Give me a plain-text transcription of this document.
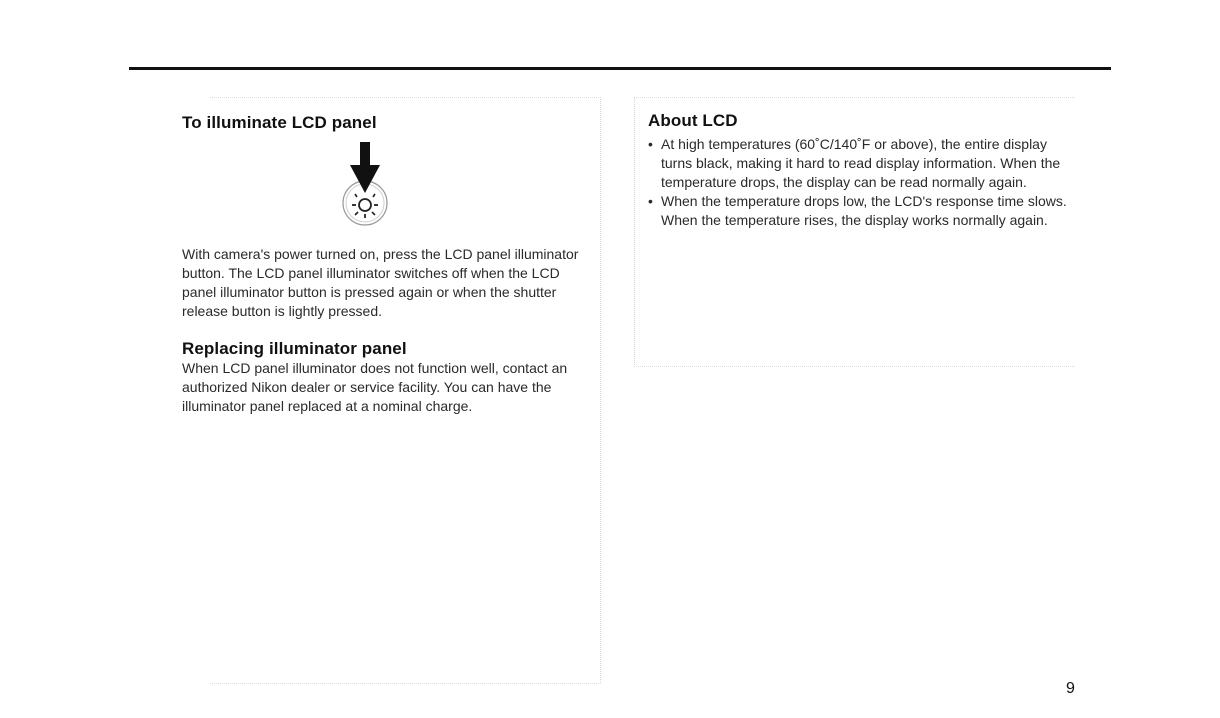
To illuminate LCD panel

With camera's power turned on, press the LCD panel illuminator button. The LCD panel illuminator switches off when the LCD panel illuminator button is pressed again or when the shutter release button is lightly pressed.

Replacing illuminator panel

When LCD panel illuminator does not function well, contact an authorized Nikon dealer or service facility. You can have the illuminator panel replaced at a nominal charge.

About LCD
• At high temperatures (60˚C/140˚F or above), the entire display turns black, making it hard to read display information. When the temperature drops, the display can be read normally again.
• When the temperature drops low, the LCD's response time slows. When the temperature rises, the display works normally again.
9
